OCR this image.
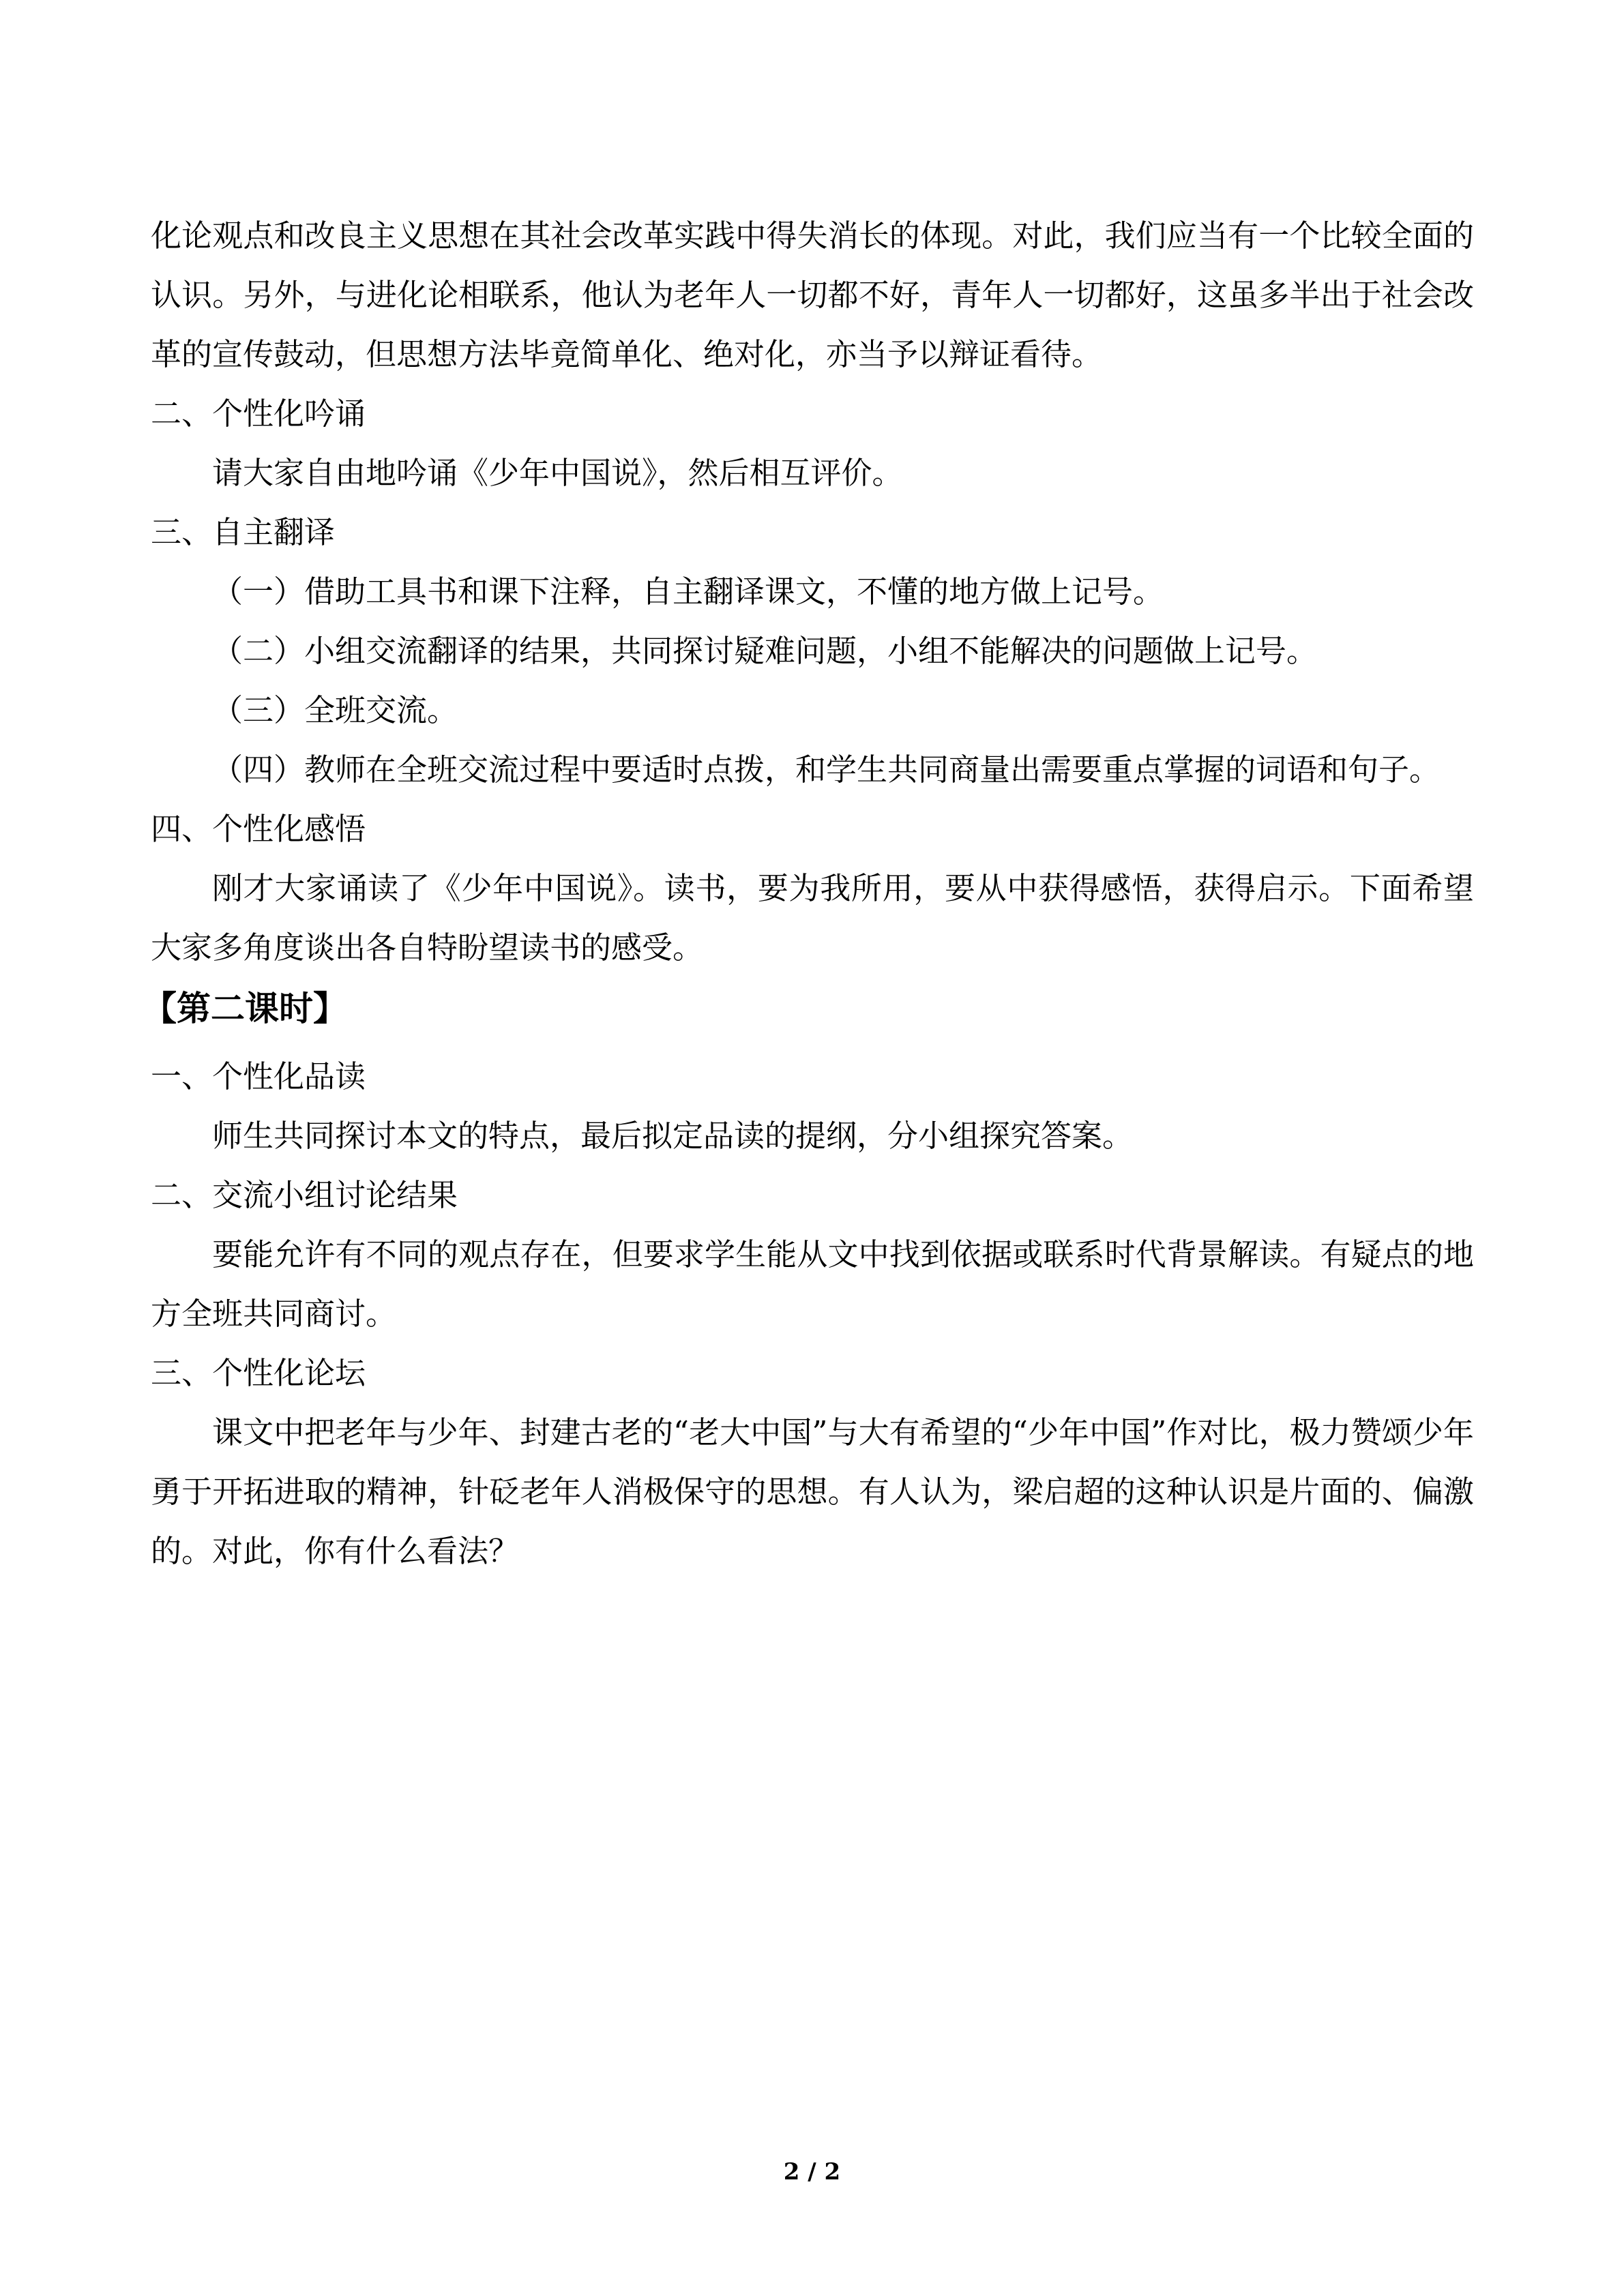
化论观点和改良主义思想在其社会改革实践中得失消长的体现。对此，我们应当有一个比较全面的认识。另外，与进化论相联系，他认为老年人一切都不好，青年人一切都好，这虽多半出于社会改革的宣传鼓动，但思想方法毕竟简单化、绝对化，亦当予以辩证看待。

二、个性化吟诵

请大家自由地吟诵《少年中国说》，然后相互评价。

三、自主翻译

（一）借助工具书和课下注释，自主翻译课文，不懂的地方做上记号。

（二）小组交流翻译的结果，共同探讨疑难问题，小组不能解决的问题做上记号。

（三）全班交流。

（四）教师在全班交流过程中要适时点拨，和学生共同商量出需要重点掌握的词语和句子。

四、个性化感悟

刚才大家诵读了《少年中国说》。读书，要为我所用，要从中获得感悟，获得启示。下面希望大家多角度谈出各自特盼望读书的感受。

【第二课时】

一、个性化品读

师生共同探讨本文的特点，最后拟定品读的提纲，分小组探究答案。

二、交流小组讨论结果

要能允许有不同的观点存在，但要求学生能从文中找到依据或联系时代背景解读。有疑点的地方全班共同商讨。

三、个性化论坛

课文中把老年与少年、封建古老的“老大中国”与大有希望的“少年中国”作对比，极力赞颂少年勇于开拓进取的精神，针砭老年人消极保守的思想。有人认为，梁启超的这种认识是片面的、偏激的。对此，你有什么看法？

2 / 2
